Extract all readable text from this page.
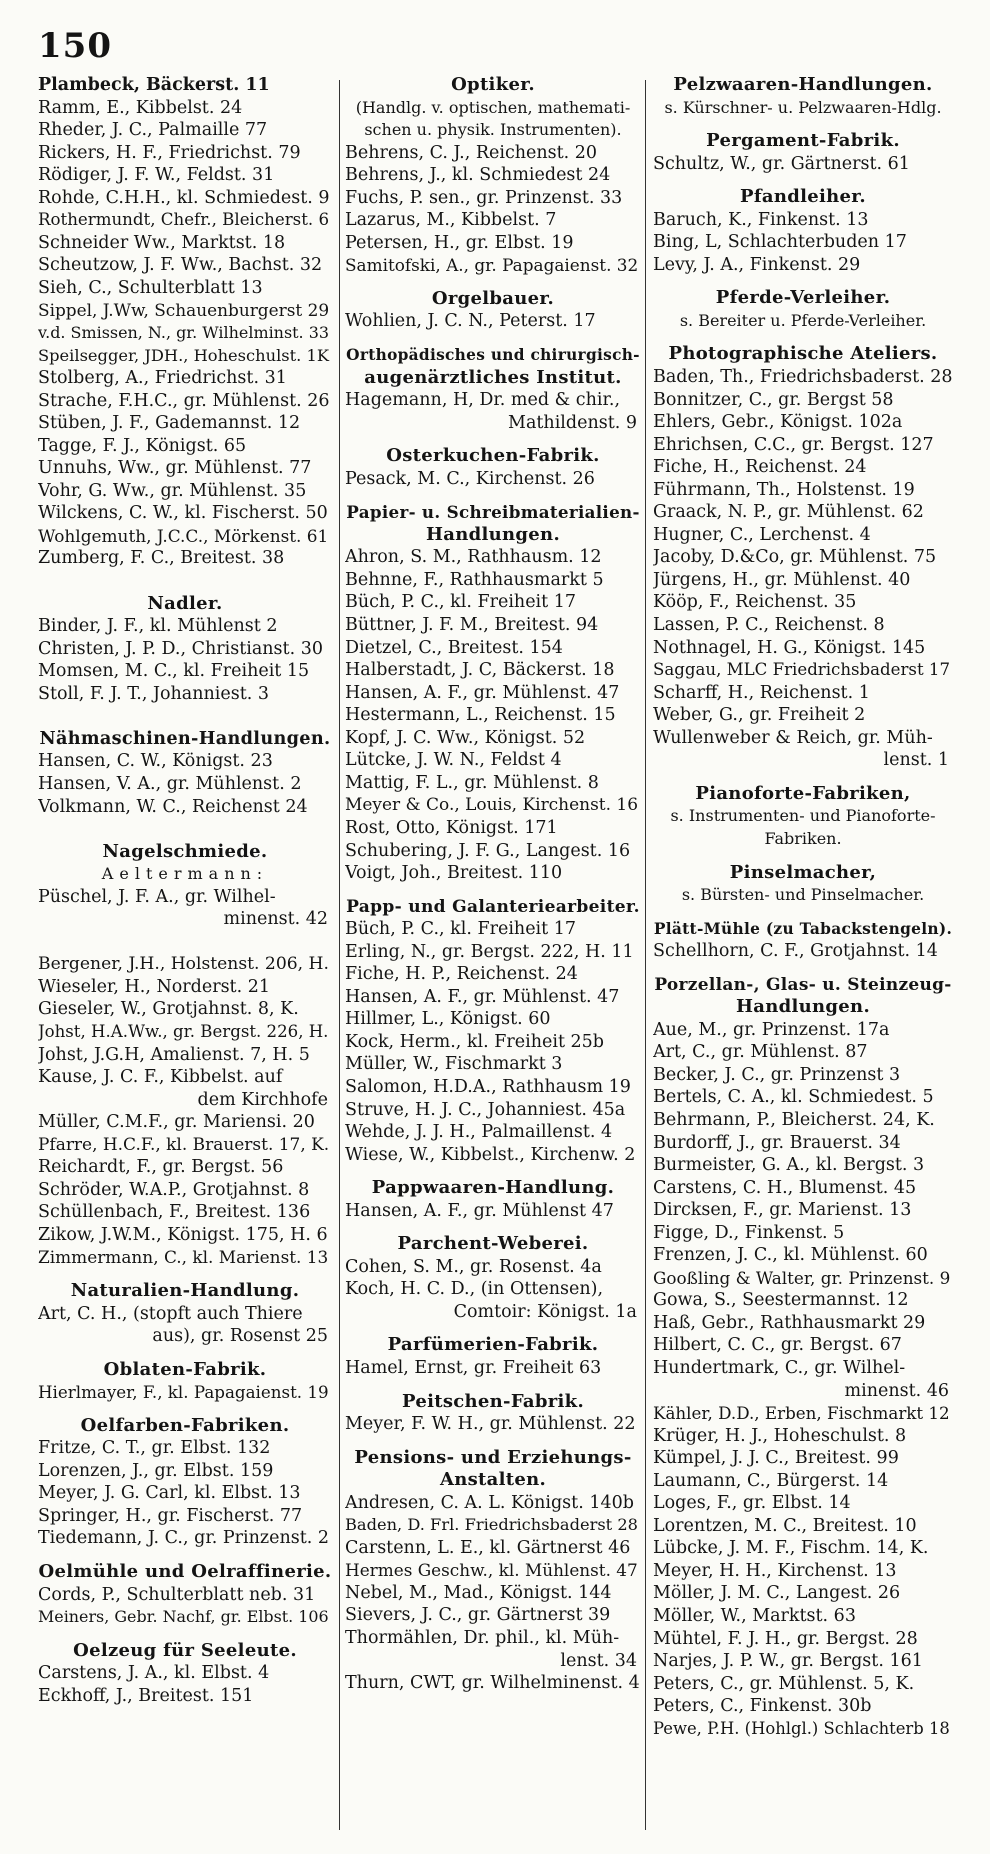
150
Plambeck, Bäckerst. 11
Ramm, E., Kibbelst. 24
Rheder, J. C., Palmaille 77
Rickers, H. F., Friedrichst. 79
Rödiger, J. F. W., Feldst. 31
Rohde, C.H.H., kl. Schmiedest. 9
Rothermundt, Chefr., Bleicherst. 6
Schneider Ww., Marktst. 18
Scheutzow, J. F. Ww., Bachst. 32
Sieh, C., Schulterblatt 13
Sippel, J.Ww, Schauenburgerst 29
v.d. Smissen, N., gr. Wilhelminst. 33
Speilsegger, JDH., Hoheschulst. 1K
Stolberg, A., Friedrichst. 31
Strache, F.H.C., gr. Mühlenst. 26
Stüben, J. F., Gademannst. 12
Tagge, F. J., Königst. 65
Unnuhs, Ww., gr. Mühlenst. 77
Vohr, G. Ww., gr. Mühlenst. 35
Wilckens, C. W., kl. Fischerst. 50
Wohlgemuth, J.C.C., Mörkenst. 61
Zumberg, F. C., Breitest. 38
Nadler.
Binder, J. F., kl. Mühlenst 2
Christen, J. P. D., Christianst. 30
Momsen, M. C., kl. Freiheit 15
Stoll, F. J. T., Johanniest. 3
Nähmaschinen-Handlungen.
Hansen, C. W., Königst. 23
Hansen, V. A., gr. Mühlenst. 2
Volkmann, W. C., Reichenst 24
Nagelschmiede.
Aeltermann:
Püschel, J. F. A., gr. Wilhel-
minenst. 42
Bergener, J.H., Holstenst. 206, H.
Wieseler, H., Norderst. 21
Gieseler, W., Grotjahnst. 8, K.
Johst, H.A.Ww., gr. Bergst. 226, H.
Johst, J.G.H, Amalienst. 7, H. 5
Kause, J. C. F., Kibbelst. auf
dem Kirchhofe
Müller, C.M.F., gr. Mariensi. 20
Pfarre, H.C.F., kl. Brauerst. 17, K.
Reichardt, F., gr. Bergst. 56
Schröder, W.A.P., Grotjahnst. 8
Schüllenbach, F., Breitest. 136
Zikow, J.W.M., Königst. 175, H. 6
Zimmermann, C., kl. Marienst. 13
Naturalien-Handlung.
Art, C. H., (stopft auch Thiere
aus), gr. Rosenst 25
Oblaten-Fabrik.
Hierlmayer, F., kl. Papagaienst. 19
Oelfarben-Fabriken.
Fritze, C. T., gr. Elbst. 132
Lorenzen, J., gr. Elbst. 159
Meyer, J. G. Carl, kl. Elbst. 13
Springer, H., gr. Fischerst. 77
Tiedemann, J. C., gr. Prinzenst. 2
Oelmühle und Oelraffinerie.
Cords, P., Schulterblatt neb. 31
Meiners, Gebr. Nachf, gr. Elbst. 106
Oelzeug für Seeleute.
Carstens, J. A., kl. Elbst. 4
Eckhoff, J., Breitest. 151
Optiker.
(Handlg. v. optischen, mathemati-
schen u. physik. Instrumenten).
Behrens, C. J., Reichenst. 20
Behrens, J., kl. Schmiedest 24
Fuchs, P. sen., gr. Prinzenst. 33
Lazarus, M., Kibbelst. 7
Petersen, H., gr. Elbst. 19
Samitofski, A., gr. Papagaienst. 32
Orgelbauer.
Wohlien, J. C. N., Peterst. 17
Orthopädisches und chirurgisch-
augenärztliches Institut.
Hagemann, H, Dr. med & chir.,
Mathildenst. 9
Osterkuchen-Fabrik.
Pesack, M. C., Kirchenst. 26
Papier- u. Schreibmaterialien-
Handlungen.
Ahron, S. M., Rathhausm. 12
Behnne, F., Rathhausmarkt 5
Büch, P. C., kl. Freiheit 17
Büttner, J. F. M., Breitest. 94
Dietzel, C., Breitest. 154
Halberstadt, J. C, Bäckerst. 18
Hansen, A. F., gr. Mühlenst. 47
Hestermann, L., Reichenst. 15
Kopf, J. C. Ww., Königst. 52
Lütcke, J. W. N., Feldst 4
Mattig, F. L., gr. Mühlenst. 8
Meyer & Co., Louis, Kirchenst. 16
Rost, Otto, Königst. 171
Schubering, J. F. G., Langest. 16
Voigt, Joh., Breitest. 110
Papp- und Galanteriearbeiter.
Büch, P. C., kl. Freiheit 17
Erling, N., gr. Bergst. 222, H. 11
Fiche, H. P., Reichenst. 24
Hansen, A. F., gr. Mühlenst. 47
Hillmer, L., Königst. 60
Kock, Herm., kl. Freiheit 25b
Müller, W., Fischmarkt 3
Salomon, H.D.A., Rathhausm 19
Struve, H. J. C., Johanniest. 45a
Wehde, J. J. H., Palmaillenst. 4
Wiese, W., Kibbelst., Kirchenw. 2
Pappwaaren-Handlung.
Hansen, A. F., gr. Mühlenst 47
Parchent-Weberei.
Cohen, S. M., gr. Rosenst. 4a
Koch, H. C. D., (in Ottensen),
Comtoir: Königst. 1a
Parfümerien-Fabrik.
Hamel, Ernst, gr. Freiheit 63
Peitschen-Fabrik.
Meyer, F. W. H., gr. Mühlenst. 22
Pensions- und Erziehungs-
Anstalten.
Andresen, C. A. L. Königst. 140b
Baden, D. Frl. Friedrichsbaderst 28
Carstenn, L. E., kl. Gärtnerst 46
Hermes Geschw., kl. Mühlenst. 47
Nebel, M., Mad., Königst. 144
Sievers, J. C., gr. Gärtnerst 39
Thormählen, Dr. phil., kl. Müh-
lenst. 34
Thurn, CWT, gr. Wilhelminenst. 4
Pelzwaaren-Handlungen.
s. Kürschner- u. Pelzwaaren-Hdlg.
Pergament-Fabrik.
Schultz, W., gr. Gärtnerst. 61
Pfandleiher.
Baruch, K., Finkenst. 13
Bing, L, Schlachterbuden 17
Levy, J. A., Finkenst. 29
Pferde-Verleiher.
s. Bereiter u. Pferde-Verleiher.
Photographische Ateliers.
Baden, Th., Friedrichsbaderst. 28
Bonnitzer, C., gr. Bergst 58
Ehlers, Gebr., Königst. 102a
Ehrichsen, C.C., gr. Bergst. 127
Fiche, H., Reichenst. 24
Führmann, Th., Holstenst. 19
Graack, N. P., gr. Mühlenst. 62
Hugner, C., Lerchenst. 4
Jacoby, D.&Co, gr. Mühlenst. 75
Jürgens, H., gr. Mühlenst. 40
Kööp, F., Reichenst. 35
Lassen, P. C., Reichenst. 8
Nothnagel, H. G., Königst. 145
Saggau, MLC Friedrichsbaderst 17
Scharff, H., Reichenst. 1
Weber, G., gr. Freiheit 2
Wullenweber & Reich, gr. Müh-
lenst. 1
Pianoforte-Fabriken,
s. Instrumenten- und Pianoforte-
Fabriken.
Pinselmacher,
s. Bürsten- und Pinselmacher.
Plätt-Mühle (zu Tabackstengeln).
Schellhorn, C. F., Grotjahnst. 14
Porzellan-, Glas- u. Steinzeug-
Handlungen.
Aue, M., gr. Prinzenst. 17a
Art, C., gr. Mühlenst. 87
Becker, J. C., gr. Prinzenst 3
Bertels, C. A., kl. Schmiedest. 5
Behrmann, P., Bleicherst. 24, K.
Burdorff, J., gr. Brauerst. 34
Burmeister, G. A., kl. Bergst. 3
Carstens, C. H., Blumenst. 45
Dircksen, F., gr. Marienst. 13
Figge, D., Finkenst. 5
Frenzen, J. C., kl. Mühlenst. 60
Gooßling & Walter, gr. Prinzenst. 9
Gowa, S., Seestermannst. 12
Haß, Gebr., Rathhausmarkt 29
Hilbert, C. C., gr. Bergst. 67
Hundertmark, C., gr. Wilhel-
minenst. 46
Kähler, D.D., Erben, Fischmarkt 12
Krüger, H. J., Hoheschulst. 8
Kümpel, J. J. C., Breitest. 99
Laumann, C., Bürgerst. 14
Loges, F., gr. Elbst. 14
Lorentzen, M. C., Breitest. 10
Lübcke, J. M. F., Fischm. 14, K.
Meyer, H. H., Kirchenst. 13
Möller, J. M. C., Langest. 26
Möller, W., Marktst. 63
Mühtel, F. J. H., gr. Bergst. 28
Narjes, J. P. W., gr. Bergst. 161
Peters, C., gr. Mühlenst. 5, K.
Peters, C., Finkenst. 30b
Pewe, P.H. (Hohlgl.) Schlachterb 18
